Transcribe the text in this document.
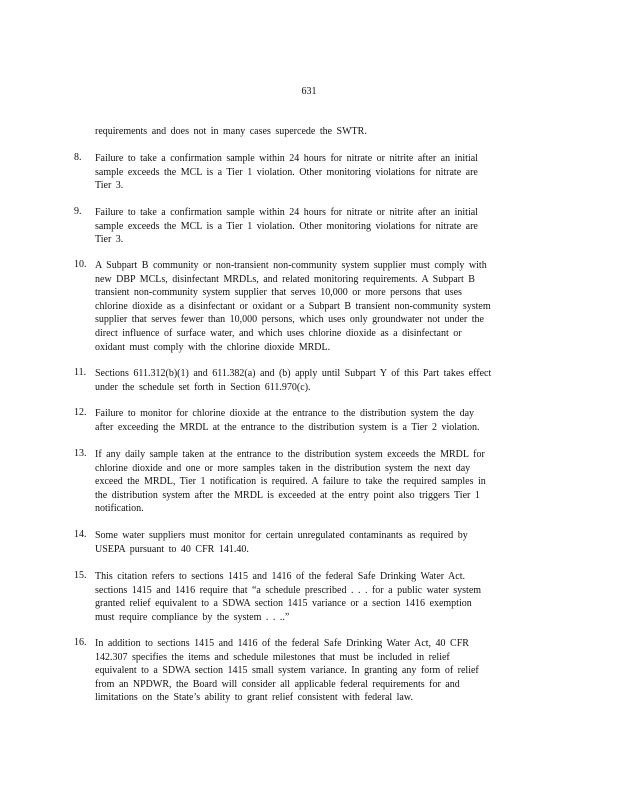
631
requirements and does not in many cases supercede the SWTR.
8. Failure to take a confirmation sample within 24 hours for nitrate or nitrite after an initial
sample exceeds the MCL is a Tier 1 violation. Other monitoring violations for nitrate are
Tier 3.
9. Failure to take a confirmation sample within 24 hours for nitrate or nitrite after an initial
sample exceeds the MCL is a Tier 1 violation. Other monitoring violations for nitrate are
Tier 3.
10. A Subpart B community or non-transient non-community system supplier must comply with
new DBP MCLs, disinfectant MRDLs, and related monitoring requirements. A Subpart B
transient non-community system supplier that serves 10,000 or more persons that uses
chlorine dioxide as a disinfectant or oxidant or a Subpart B transient non-community system
supplier that serves fewer than 10,000 persons, which uses only groundwater not under the
direct influence of surface water, and which uses chlorine dioxide as a disinfectant or
oxidant must comply with the chlorine dioxide MRDL.
11. Sections 611.312(b)(1) and 611.382(a) and (b) apply until Subpart Y of this Part takes effect
under the schedule set forth in Section 611.970(c).
12. Failure to monitor for chlorine dioxide at the entrance to the distribution system the day
after exceeding the MRDL at the entrance to the distribution system is a Tier 2 violation.
13. If any daily sample taken at the entrance to the distribution system exceeds the MRDL for
chlorine dioxide and one or more samples taken in the distribution system the next day
exceed the MRDL, Tier 1 notification is required. A failure to take the required samples in
the distribution system after the MRDL is exceeded at the entry point also triggers Tier 1
notification.
14. Some water suppliers must monitor for certain unregulated contaminants as required by
USEPA pursuant to 40 CFR 141.40.
15. This citation refers to sections 1415 and 1416 of the federal Safe Drinking Water Act.
sections 1415 and 1416 require that “a schedule prescribed . . . for a public water system
granted relief equivalent to a SDWA section 1415 variance or a section 1416 exemption
must require compliance by the system . . ..”
16. In addition to sections 1415 and 1416 of the federal Safe Drinking Water Act, 40 CFR
142.307 specifies the items and schedule milestones that must be included in relief
equivalent to a SDWA section 1415 small system variance. In granting any form of relief
from an NPDWR, the Board will consider all applicable federal requirements for and
limitations on the State’s ability to grant relief consistent with federal law.
